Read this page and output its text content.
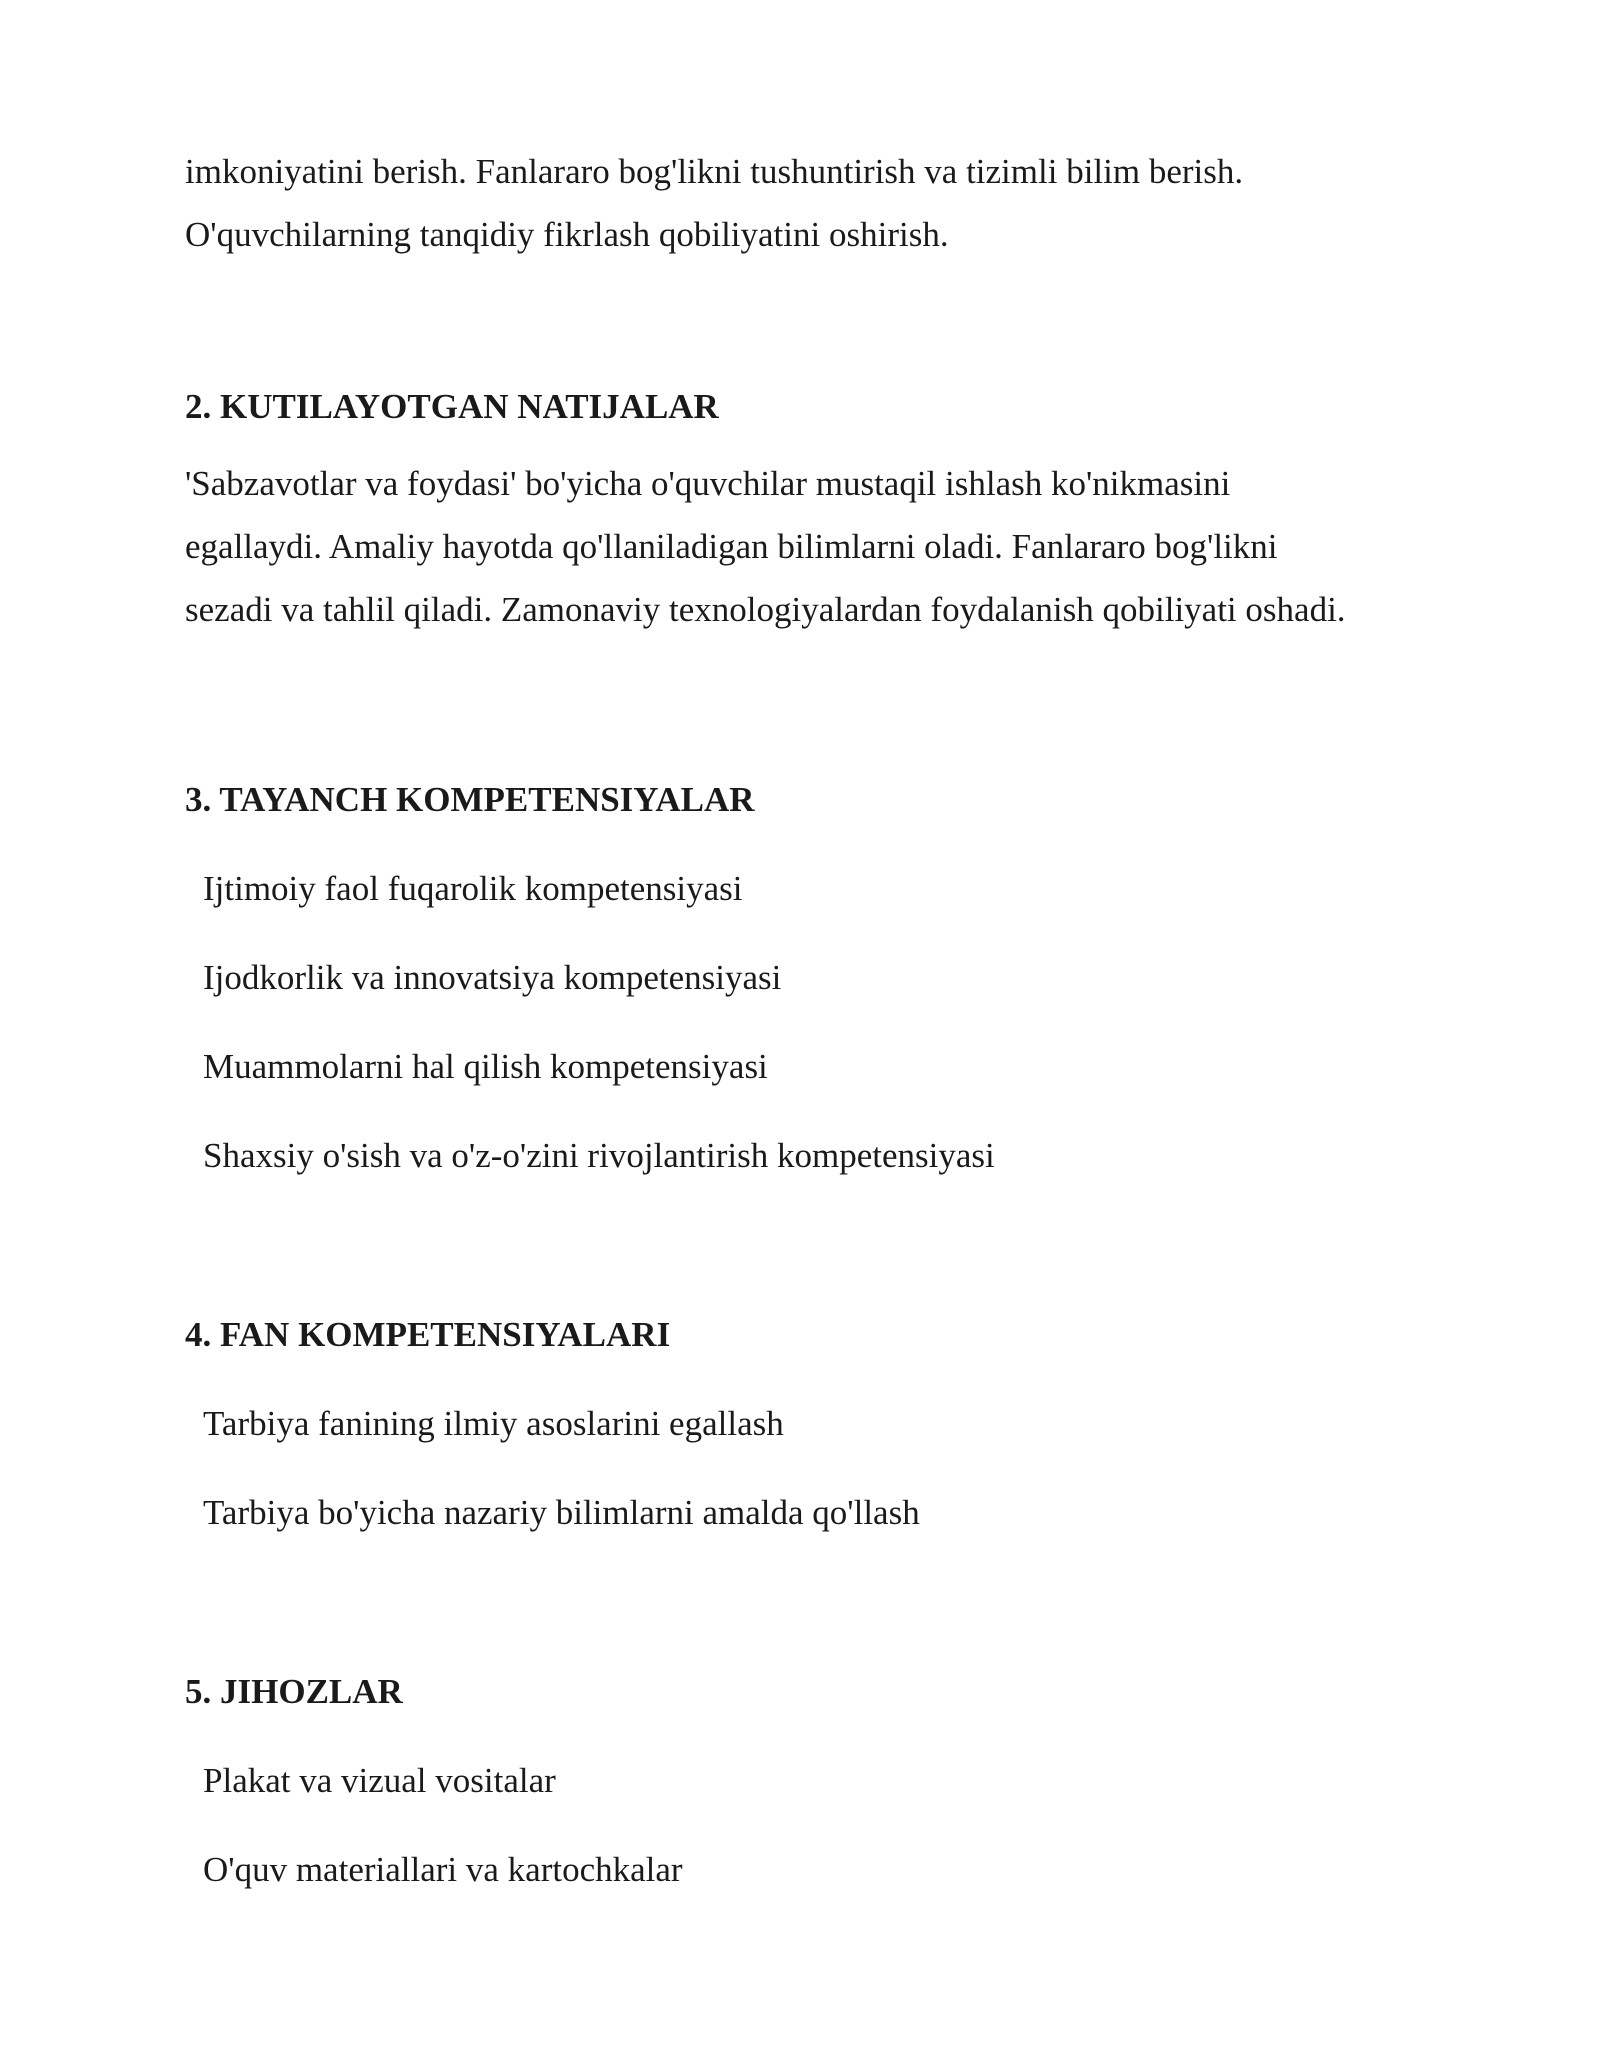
imkoniyatini berish. Fanlararo bog'likni tushuntirish va tizimli bilim berish.

O'quvchilarning tanqidiy fikrlash qobiliyatini oshirish.

2. KUTILAYOTGAN NATIJALAR

'Sabzavotlar va foydasi' bo'yicha o'quvchilar mustaqil ishlash ko'nikmasini

egallaydi. Amaliy hayotda qo'llaniladigan bilimlarni oladi. Fanlararo bog'likni

sezadi va tahlil qiladi. Zamonaviy texnologiyalardan foydalanish qobiliyati oshadi.

3. TAYANCH KOMPETENSIYALAR
Ijtimoiy faol fuqarolik kompetensiyasi
Ijodkorlik va innovatsiya kompetensiyasi
Muammolarni hal qilish kompetensiyasi
Shaxsiy o'sish va o'z-o'zini rivojlantirish kompetensiyasi
4. FAN KOMPETENSIYALARI
Tarbiya fanining ilmiy asoslarini egallash
Tarbiya bo'yicha nazariy bilimlarni amalda qo'llash
5. JIHOZLAR
Plakat va vizual vositalar
O'quv materiallari va kartochkalar
